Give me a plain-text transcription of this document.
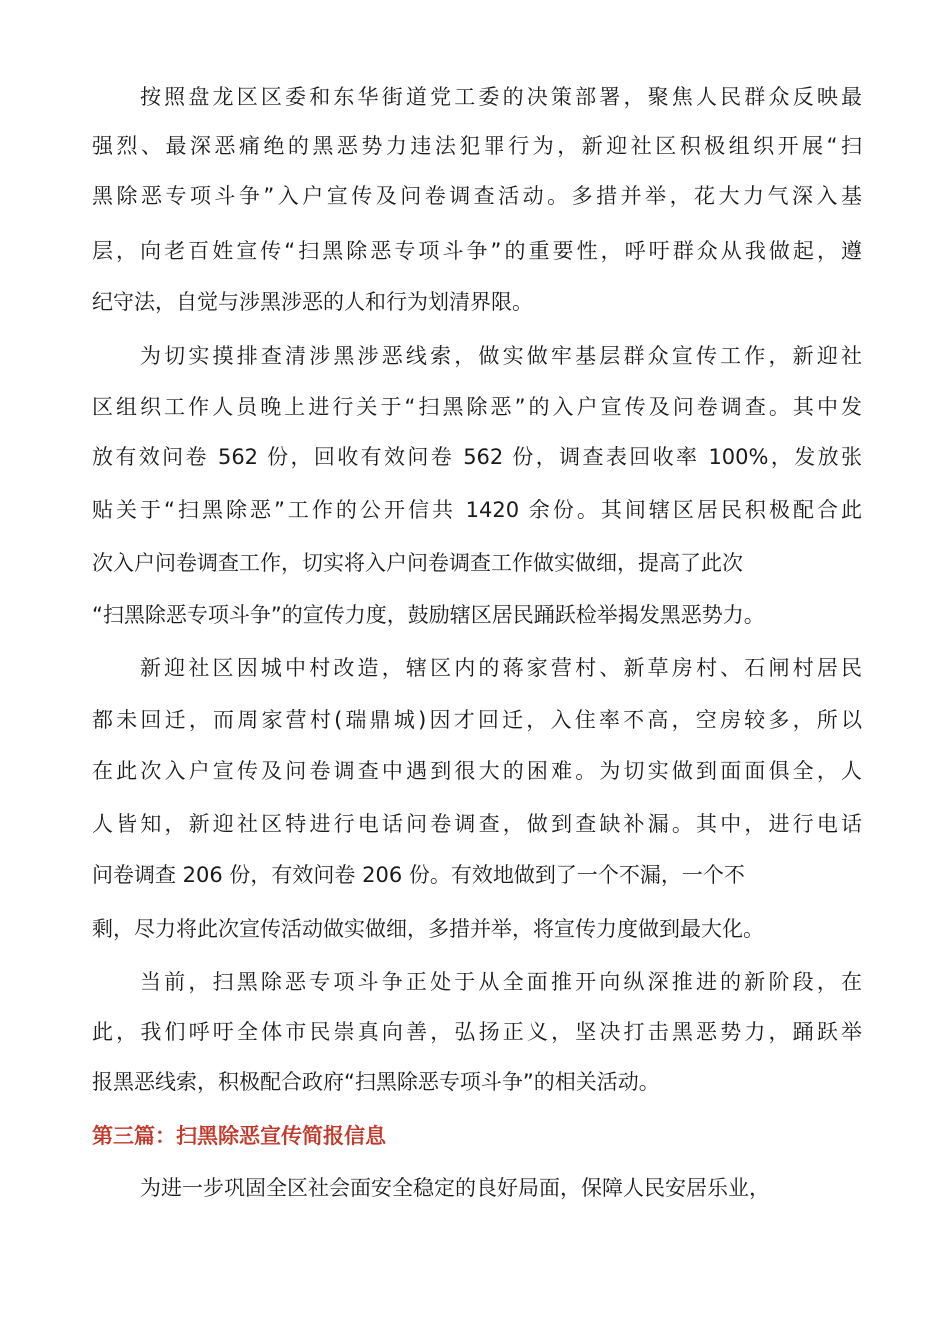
按照盘龙区区委和东华街道党工委的决策部署，聚焦人民群众反映最
强烈、最深恶痛绝的黑恶势力违法犯罪行为，新迎社区积极组织开展“扫
黑除恶专项斗争”入户宣传及问卷调查活动。多措并举，花大力气深入基
层，向老百姓宣传“扫黑除恶专项斗争”的重要性，呼吁群众从我做起，遵
纪守法，自觉与涉黑涉恶的人和行为划清界限。
为切实摸排查清涉黑涉恶线索，做实做牢基层群众宣传工作，新迎社
区组织工作人员晚上进行关于“扫黑除恶”的入户宣传及问卷调查。其中发
放有效问卷 562 份，回收有效问卷 562 份，调查表回收率 100%，发放张
贴关于“扫黑除恶”工作的公开信共 1420 余份。其间辖区居民积极配合此
次入户问卷调查工作，切实将入户问卷调查工作做实做细，提高了此次
“扫黑除恶专项斗争”的宣传力度，鼓励辖区居民踊跃检举揭发黑恶势力。
新迎社区因城中村改造，辖区内的蒋家营村、新草房村、石闸村居民
都未回迁，而周家营村(瑞鼎城)因才回迁，入住率不高，空房较多，所以
在此次入户宣传及问卷调查中遇到很大的困难。为切实做到面面俱全，人
人皆知，新迎社区特进行电话问卷调查，做到查缺补漏。其中，进行电话
问卷调查 206 份，有效问卷 206 份。有效地做到了一个不漏，一个不
剩，尽力将此次宣传活动做实做细，多措并举，将宣传力度做到最大化。
当前，扫黑除恶专项斗争正处于从全面推开向纵深推进的新阶段，在
此，我们呼吁全体市民崇真向善，弘扬正义，坚决打击黑恶势力，踊跃举
报黑恶线索，积极配合政府“扫黑除恶专项斗争”的相关活动。
第三篇：扫黑除恶宣传简报信息
为进一步巩固全区社会面安全稳定的良好局面，保障人民安居乐业，
